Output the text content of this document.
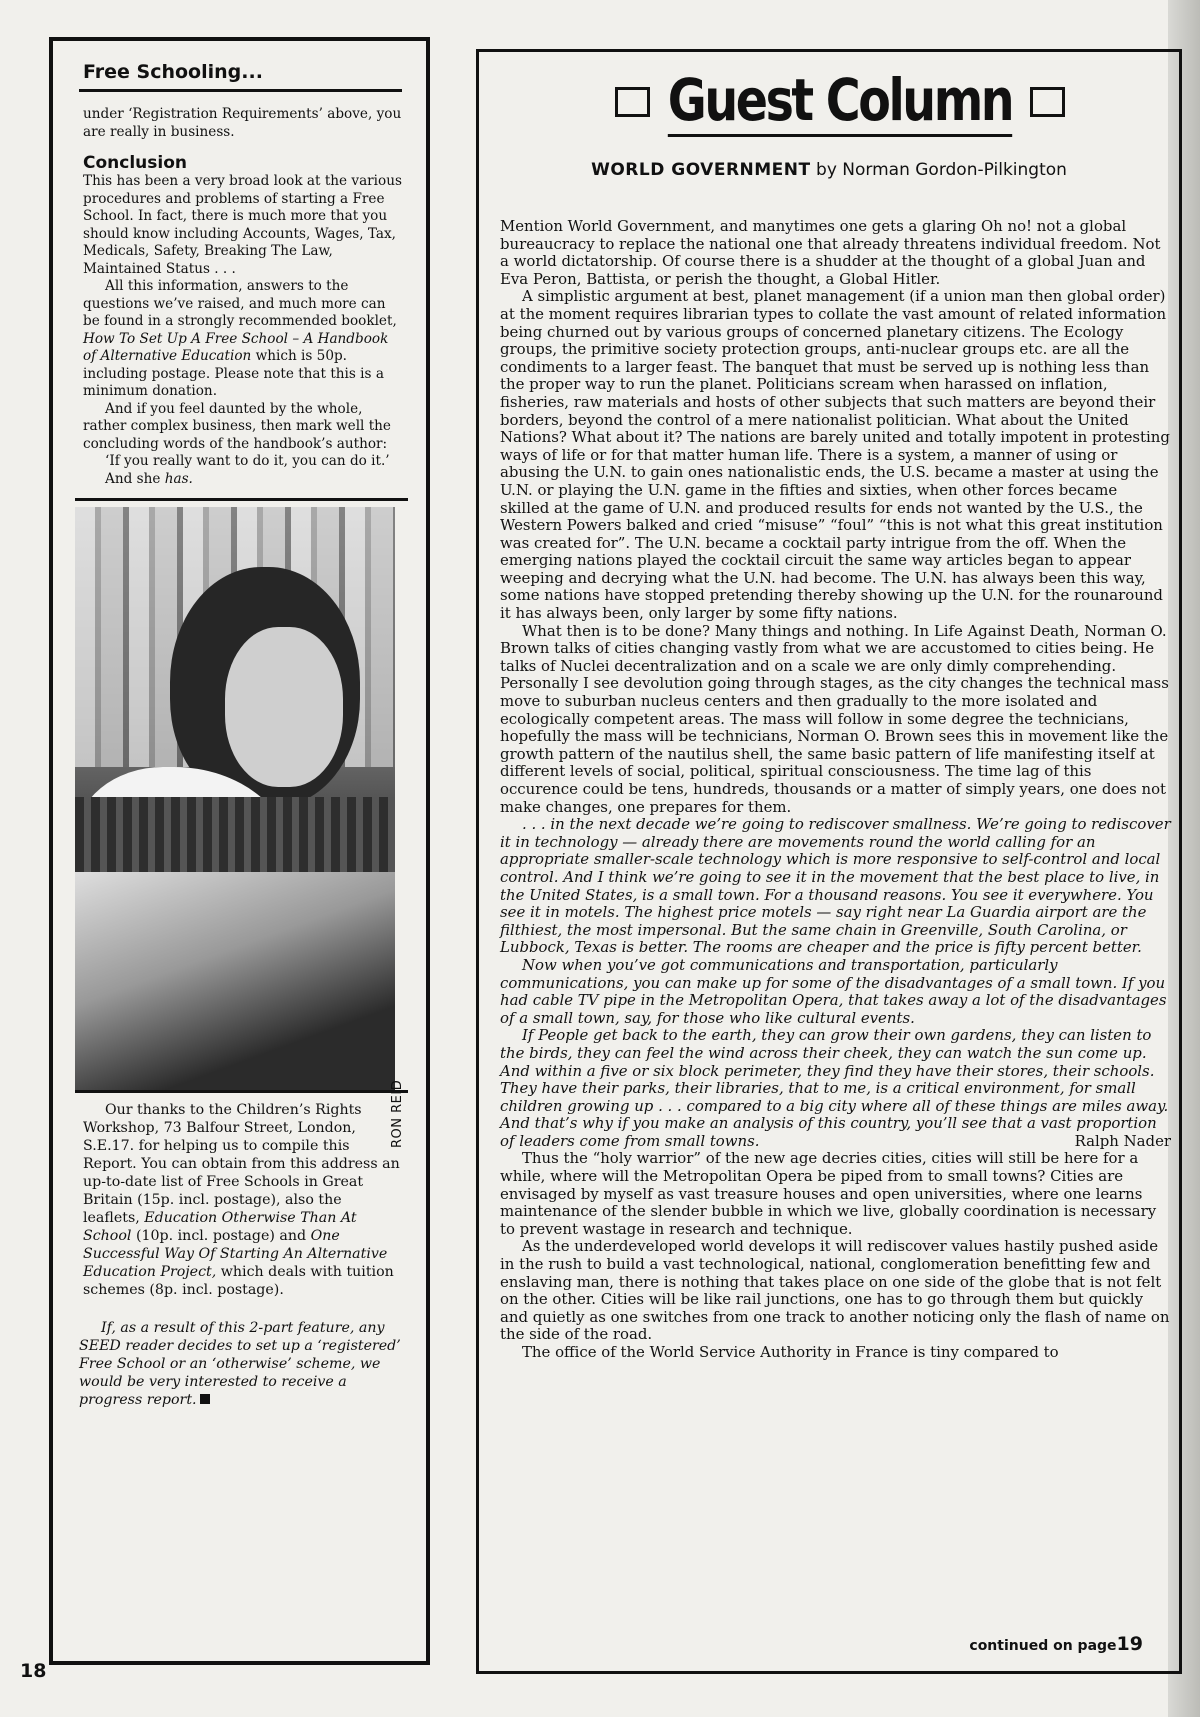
Free Schooling...

under ‘Registration Requirements’ above, you are really in business.

Conclusion

This has been a very broad look at the various procedures and problems of starting a Free School. In fact, there is much more that you should know including Accounts, Wages, Tax, Medicals, Safety, Breaking The Law, Maintained Status . . .

All this information, answers to the questions we’ve raised, and much more can be found in a strongly recommended booklet, How To Set Up A Free School – A Handbook of Alternative Education which is 50p. including postage. Please note that this is a minimum donation.

And if you feel daunted by the whole, rather complex business, then mark well the concluding words of the handbook’s author:

‘If you really want to do it, you can do it.’

And she has.

Our thanks to the Children’s Rights Workshop, 73 Balfour Street, London, S.E.17. for helping us to compile this Report. You can obtain from this address an up-to-date list of Free Schools in Great Britain (15p. incl. postage), also the leaflets, Education Otherwise Than At School (10p. incl. postage) and One Successful Way Of Starting An Alternative Education Project, which deals with tuition schemes (8p. incl. postage).

If, as a result of this 2-part feature, any SEED reader decides to set up a ‘registered’ Free School or an ‘otherwise’ scheme, we would be very interested to receive a progress report.

RON REID
Guest Column
WORLD GOVERNMENT by Norman Gordon-Pilkington

Mention World Government, and manytimes one gets a glaring Oh no! not a global bureaucracy to replace the national one that already threatens individual freedom. Not a world dictatorship. Of course there is a shudder at the thought of a global Juan and Eva Peron, Battista, or perish the thought, a Global Hitler.

A simplistic argument at best, planet management (if a union man then global order) at the moment requires librarian types to collate the vast amount of related information being churned out by various groups of concerned planetary citizens. The Ecology groups, the primitive society protection groups, anti-nuclear groups etc. are all the condiments to a larger feast. The banquet that must be served up is nothing less than the proper way to run the planet. Politicians scream when harassed on inflation, fisheries, raw materials and hosts of other subjects that such matters are beyond their borders, beyond the control of a mere nationalist politician. What about the United Nations? What about it? The nations are barely united and totally impotent in protesting ways of life or for that matter human life. There is a system, a manner of using or abusing the U.N. to gain ones nationalistic ends, the U.S. became a master at using the U.N. or playing the U.N. game in the fifties and sixties, when other forces became skilled at the game of U.N. and produced results for ends not wanted by the U.S., the Western Powers balked and cried “misuse” “foul” “this is not what this great institution was created for”. The U.N. became a cocktail party intrigue from the off. When the emerging nations played the cocktail circuit the same way articles began to appear weeping and decrying what the U.N. had become. The U.N. has always been this way, some nations have stopped pretending thereby showing up the U.N. for the rounaround it has always been, only larger by some fifty nations.

What then is to be done? Many things and nothing. In Life Against Death, Norman O. Brown talks of cities changing vastly from what we are accustomed to cities being. He talks of Nuclei decentralization and on a scale we are only dimly comprehending. Personally I see devolution going through stages, as the city changes the technical mass move to suburban nucleus centers and then gradually to the more isolated and ecologically competent areas. The mass will follow in some degree the technicians, hopefully the mass will be technicians, Norman O. Brown sees this in movement like the growth pattern of the nautilus shell, the same basic pattern of life manifesting itself at different levels of social, political, spiritual consciousness. The time lag of this occurence could be tens, hundreds, thousands or a matter of simply years, one does not make changes, one prepares for them.

. . . in the next decade we’re going to rediscover smallness. We’re going to rediscover it in technology — already there are movements round the world calling for an appropriate smaller-scale technology which is more responsive to self-control and local control. And I think we’re going to see it in the movement that the best place to live, in the United States, is a small town. For a thousand reasons. You see it everywhere. You see it in motels. The highest price motels — say right near La Guardia airport are the filthiest, the most impersonal. But the same chain in Greenville, South Carolina, or Lubbock, Texas is better. The rooms are cheaper and the price is fifty percent better.

Now when you’ve got communications and transportation, particularly communications, you can make up for some of the disadvantages of a small town. If you had cable TV pipe in the Metropolitan Opera, that takes away a lot of the disadvantages of a small town, say, for those who like cultural events.

If People get back to the earth, they can grow their own gardens, they can listen to the birds, they can feel the wind across their cheek, they can watch the sun come up. And within a five or six block perimeter, they find they have their stores, their schools. They have their parks, their libraries, that to me, is a critical environment, for small children growing up . . . compared to a big city where all of these things are miles away. And that’s why if you make an analysis of this country, you’ll see that a vast proportion of leaders come from small towns.	Ralph Nader

Thus the “holy warrior” of the new age decries cities, cities will still be here for a while, where will the Metropolitan Opera be piped from to small towns? Cities are envisaged by myself as vast treasure houses and open universities, where one learns maintenance of the slender bubble in which we live, globally coordination is necessary to prevent wastage in research and technique.

As the underdeveloped world develops it will rediscover values hastily pushed aside in the rush to build a vast technological, national, conglomeration benefitting few and enslaving man, there is nothing that takes place on one side of the globe that is not felt on the other. Cities will be like rail junctions, one has to go through them but quickly and quietly as one switches from one track to another noticing only the flash of name on the side of the road.

The office of the World Service Authority in France is tiny compared to

continued on page19
18
